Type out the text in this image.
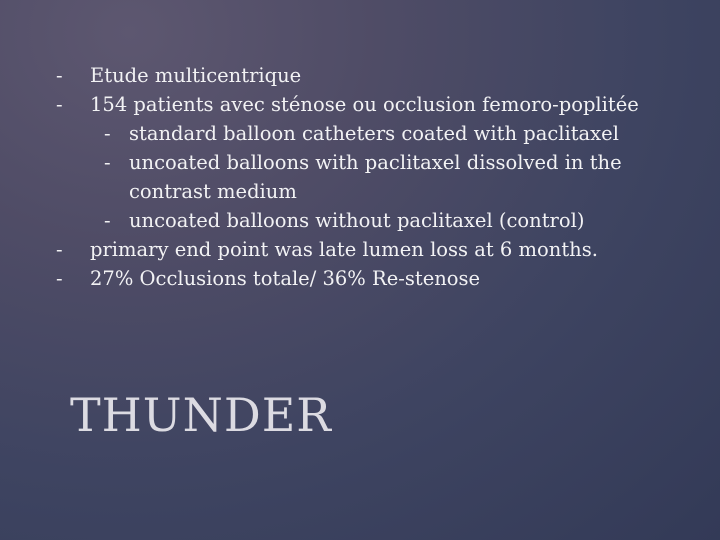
-	Etude multicentrique
-	154 patients avec sténose ou occlusion femoro-poplitée
- standard balloon catheters coated with paclitaxel
- uncoated balloons with paclitaxel dissolved in the contrast medium
- uncoated balloons without paclitaxel (control)
-	primary end point was late lumen loss at 6 months.
-	27% Occlusions totale/ 36% Re-stenose
THUNDER
